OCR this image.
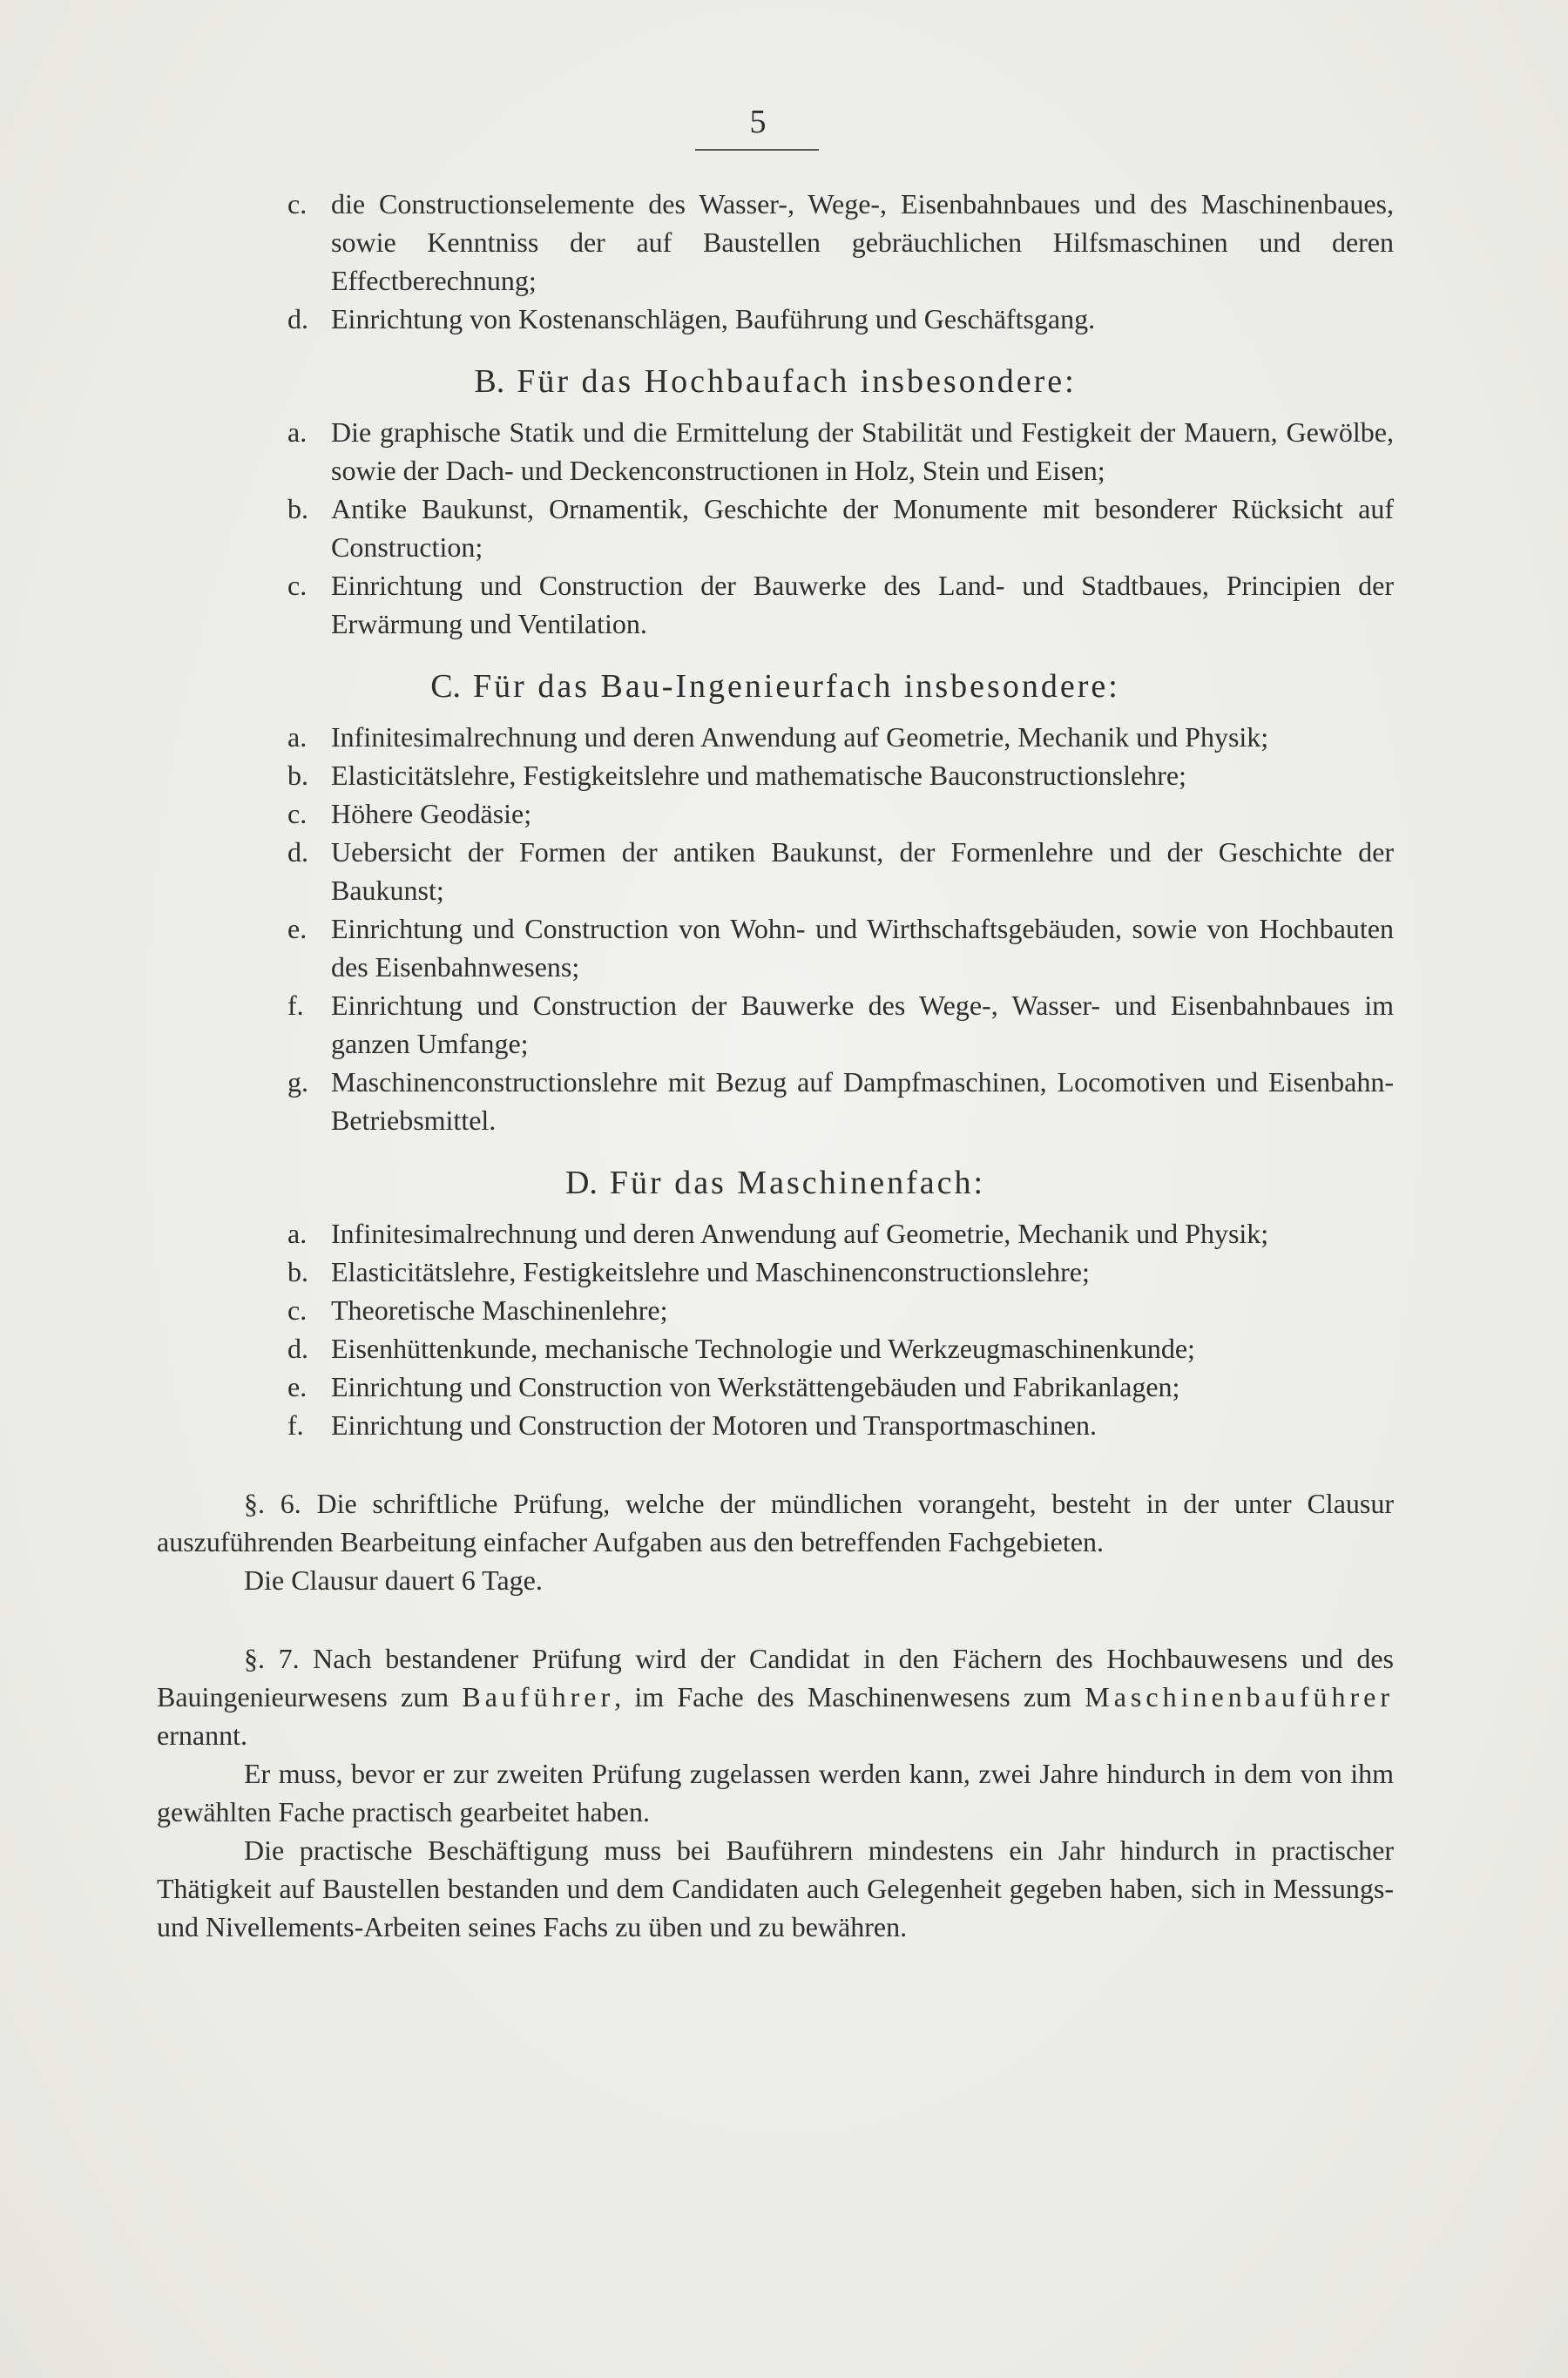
5
c. die Constructionselemente des Wasser-, Wege-, Eisenbahnbaues und des Maschinenbaues, sowie Kenntniss der auf Baustellen gebräuchlichen Hilfsmaschinen und deren Effectberechnung;
d. Einrichtung von Kostenanschlägen, Bauführung und Geschäftsgang.
B. Für das Hochbaufach insbesondere:
a. Die graphische Statik und die Ermittelung der Stabilität und Festigkeit der Mauern, Gewölbe, sowie der Dach- und Deckenconstructionen in Holz, Stein und Eisen;
b. Antike Baukunst, Ornamentik, Geschichte der Monumente mit besonderer Rücksicht auf Construction;
c. Einrichtung und Construction der Bauwerke des Land- und Stadtbaues, Principien der Erwärmung und Ventilation.
C. Für das Bau-Ingenieurfach insbesondere:
a. Infinitesimalrechnung und deren Anwendung auf Geometrie, Mechanik und Physik;
b. Elasticitätslehre, Festigkeitslehre und mathematische Bauconstructionslehre;
c. Höhere Geodäsie;
d. Uebersicht der Formen der antiken Baukunst, der Formenlehre und der Geschichte der Baukunst;
e. Einrichtung und Construction von Wohn- und Wirthschaftsgebäuden, sowie von Hochbauten des Eisenbahnwesens;
f. Einrichtung und Construction der Bauwerke des Wege-, Wasser- und Eisenbahnbaues im ganzen Umfange;
g. Maschinenconstructionslehre mit Bezug auf Dampfmaschinen, Locomotiven und Eisenbahn-Betriebsmittel.
D. Für das Maschinenfach:
a. Infinitesimalrechnung und deren Anwendung auf Geometrie, Mechanik und Physik;
b. Elasticitätslehre, Festigkeitslehre und Maschinenconstructionslehre;
c. Theoretische Maschinenlehre;
d. Eisenhüttenkunde, mechanische Technologie und Werkzeugmaschinenkunde;
e. Einrichtung und Construction von Werkstättengebäuden und Fabrikanlagen;
f. Einrichtung und Construction der Motoren und Transportmaschinen.

§. 6. Die schriftliche Prüfung, welche der mündlichen vorangeht, besteht in der unter Clausur auszuführenden Bearbeitung einfacher Aufgaben aus den betreffenden Fachgebieten.

Die Clausur dauert 6 Tage.

§. 7. Nach bestandener Prüfung wird der Candidat in den Fächern des Hochbauwesens und des Bauingenieurwesens zum Bauführer, im Fache des Maschinenwesens zum Maschinenbauführer ernannt.

Er muss, bevor er zur zweiten Prüfung zugelassen werden kann, zwei Jahre hindurch in dem von ihm gewählten Fache practisch gearbeitet haben.

Die practische Beschäftigung muss bei Bauführern mindestens ein Jahr hindurch in practischer Thätigkeit auf Baustellen bestanden und dem Candidaten auch Gelegenheit gegeben haben, sich in Messungs- und Nivellements-Arbeiten seines Fachs zu üben und zu bewähren.
